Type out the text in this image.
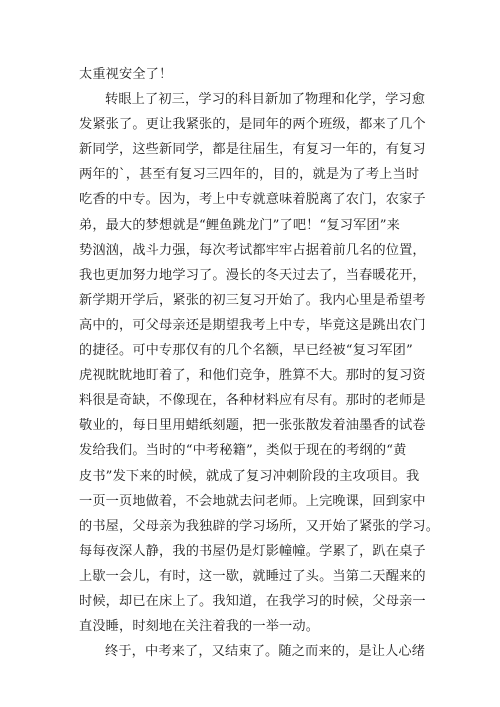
太重视安全了！

转眼上了初三，学习的科目新加了物理和化学，学习愈
发紧张了。更让我紧张的，是同年的两个班级，都来了几个
新同学，这些新同学，都是往届生，有复习一年的，有复习
两年的`，甚至有复习三四年的，目的，就是为了考上当时
吃香的中专。因为，考上中专就意味着脱离了农门，农家子
弟，最大的梦想就是“鲤鱼跳龙门”了吧！“复习军团”来
势汹汹，战斗力强，每次考试都牢牢占据着前几名的位置，
我也更加努力地学习了。漫长的冬天过去了，当春暖花开，
新学期开学后，紧张的初三复习开始了。我内心里是希望考
高中的，可父母亲还是期望我考上中专，毕竟这是跳出农门
的捷径。可中专那仅有的几个名额，早已经被“复习军团”
虎视眈眈地盯着了，和他们竞争，胜算不大。那时的复习资
料很是奇缺，不像现在，各种材料应有尽有。那时的老师是
敬业的，每日里用蜡纸刻题，把一张张散发着油墨香的试卷
发给我们。当时的“中考秘籍”，类似于现在的考纲的“黄
皮书”发下来的时候，就成了复习冲刺阶段的主攻项目。我
一页一页地做着，不会地就去问老师。上完晚课，回到家中
的书屋，父母亲为我独辟的学习场所，又开始了紧张的学习。
每每夜深人静，我的书屋仍是灯影幢幢。学累了，趴在桌子
上歇一会儿，有时，这一歇，就睡过了头。当第二天醒来的
时候，却已在床上了。我知道，在我学习的时候，父母亲一
直没睡，时刻地在关注着我的一举一动。

终于，中考来了，又结束了。随之而来的，是让人心绪
